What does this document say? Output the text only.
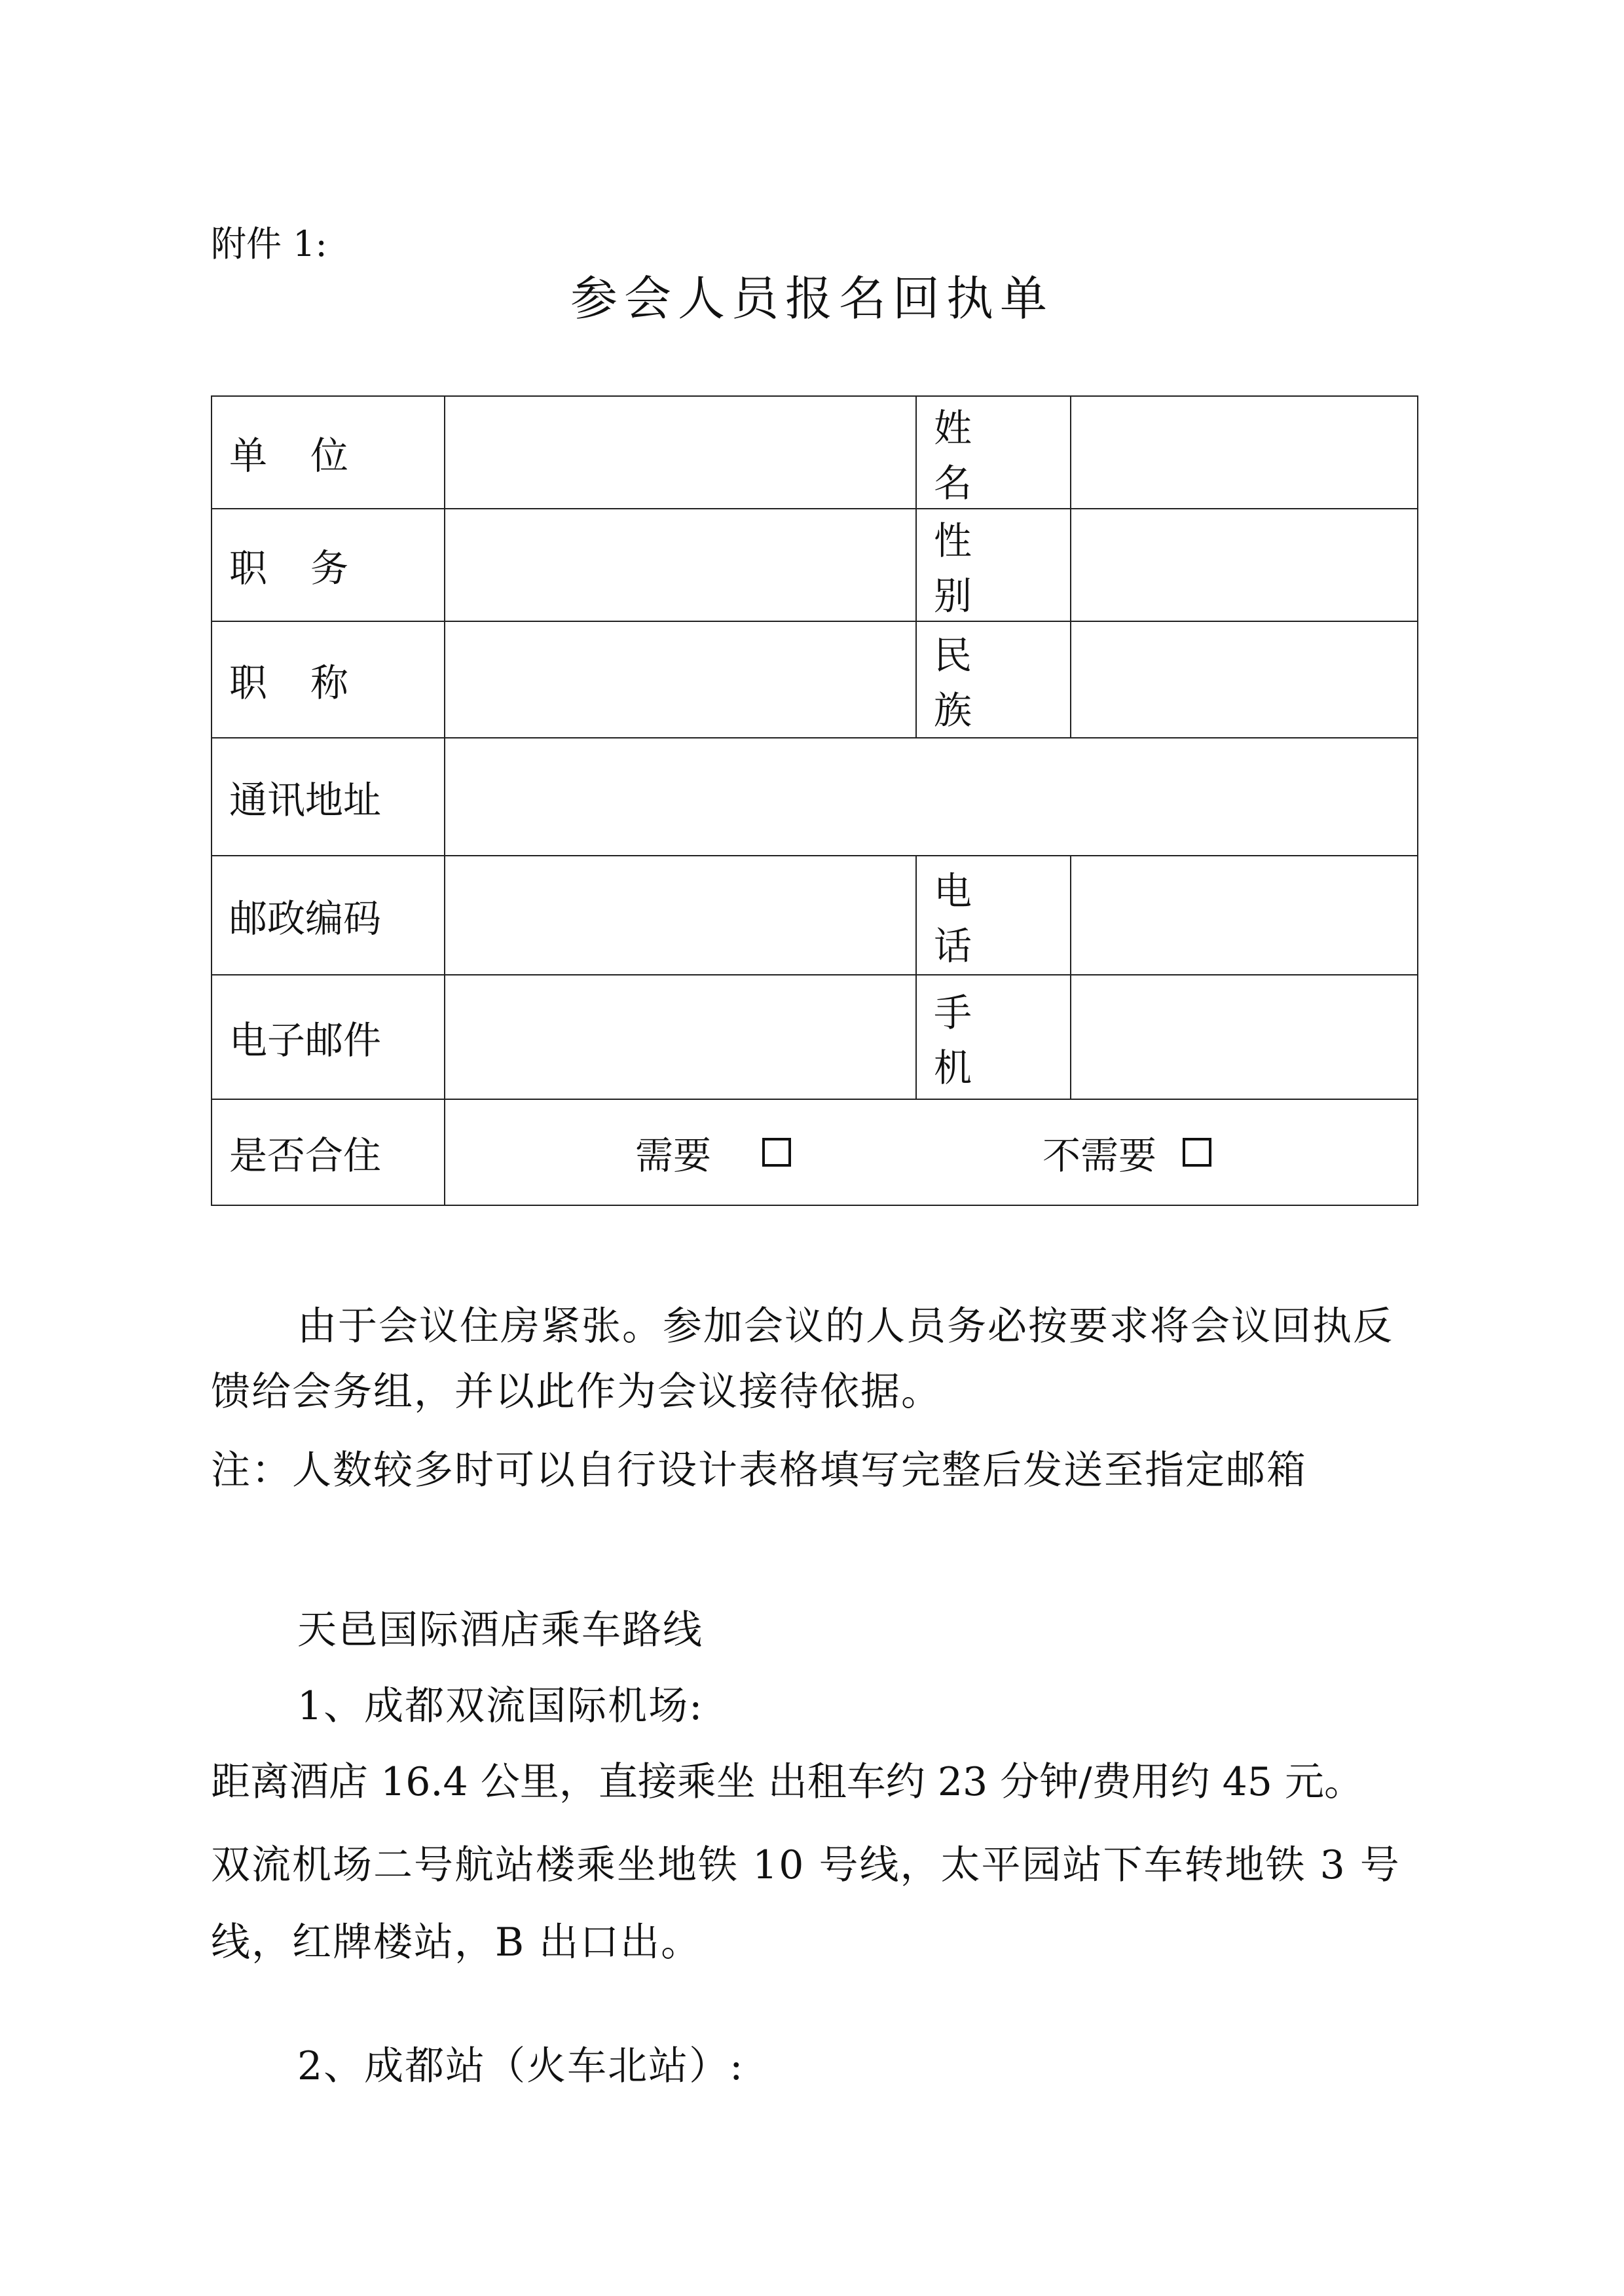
附件 1:
参会人员报名回执单
单位		姓名	
职务		性别	
职称		民族	
通讯地址			
邮政编码		电话	
电子邮件		手机	
是否合住	需要 不需要		
由于会议住房紧张。参加会议的人员务必按要求将会议回执反馈给会务组，并以此作为会议接待依据。
注：人数较多时可以自行设计表格填写完整后发送至指定邮箱
天邑国际酒店乘车路线
1、成都双流国际机场:
距离酒店 16.4 公里，直接乘坐 出租车约 23 分钟/费用约 45 元。
双流机场二号航站楼乘坐地铁 10 号线，太平园站下车转地铁 3 号线，红牌楼站，B 出口出。
2、成都站（火车北站）:
